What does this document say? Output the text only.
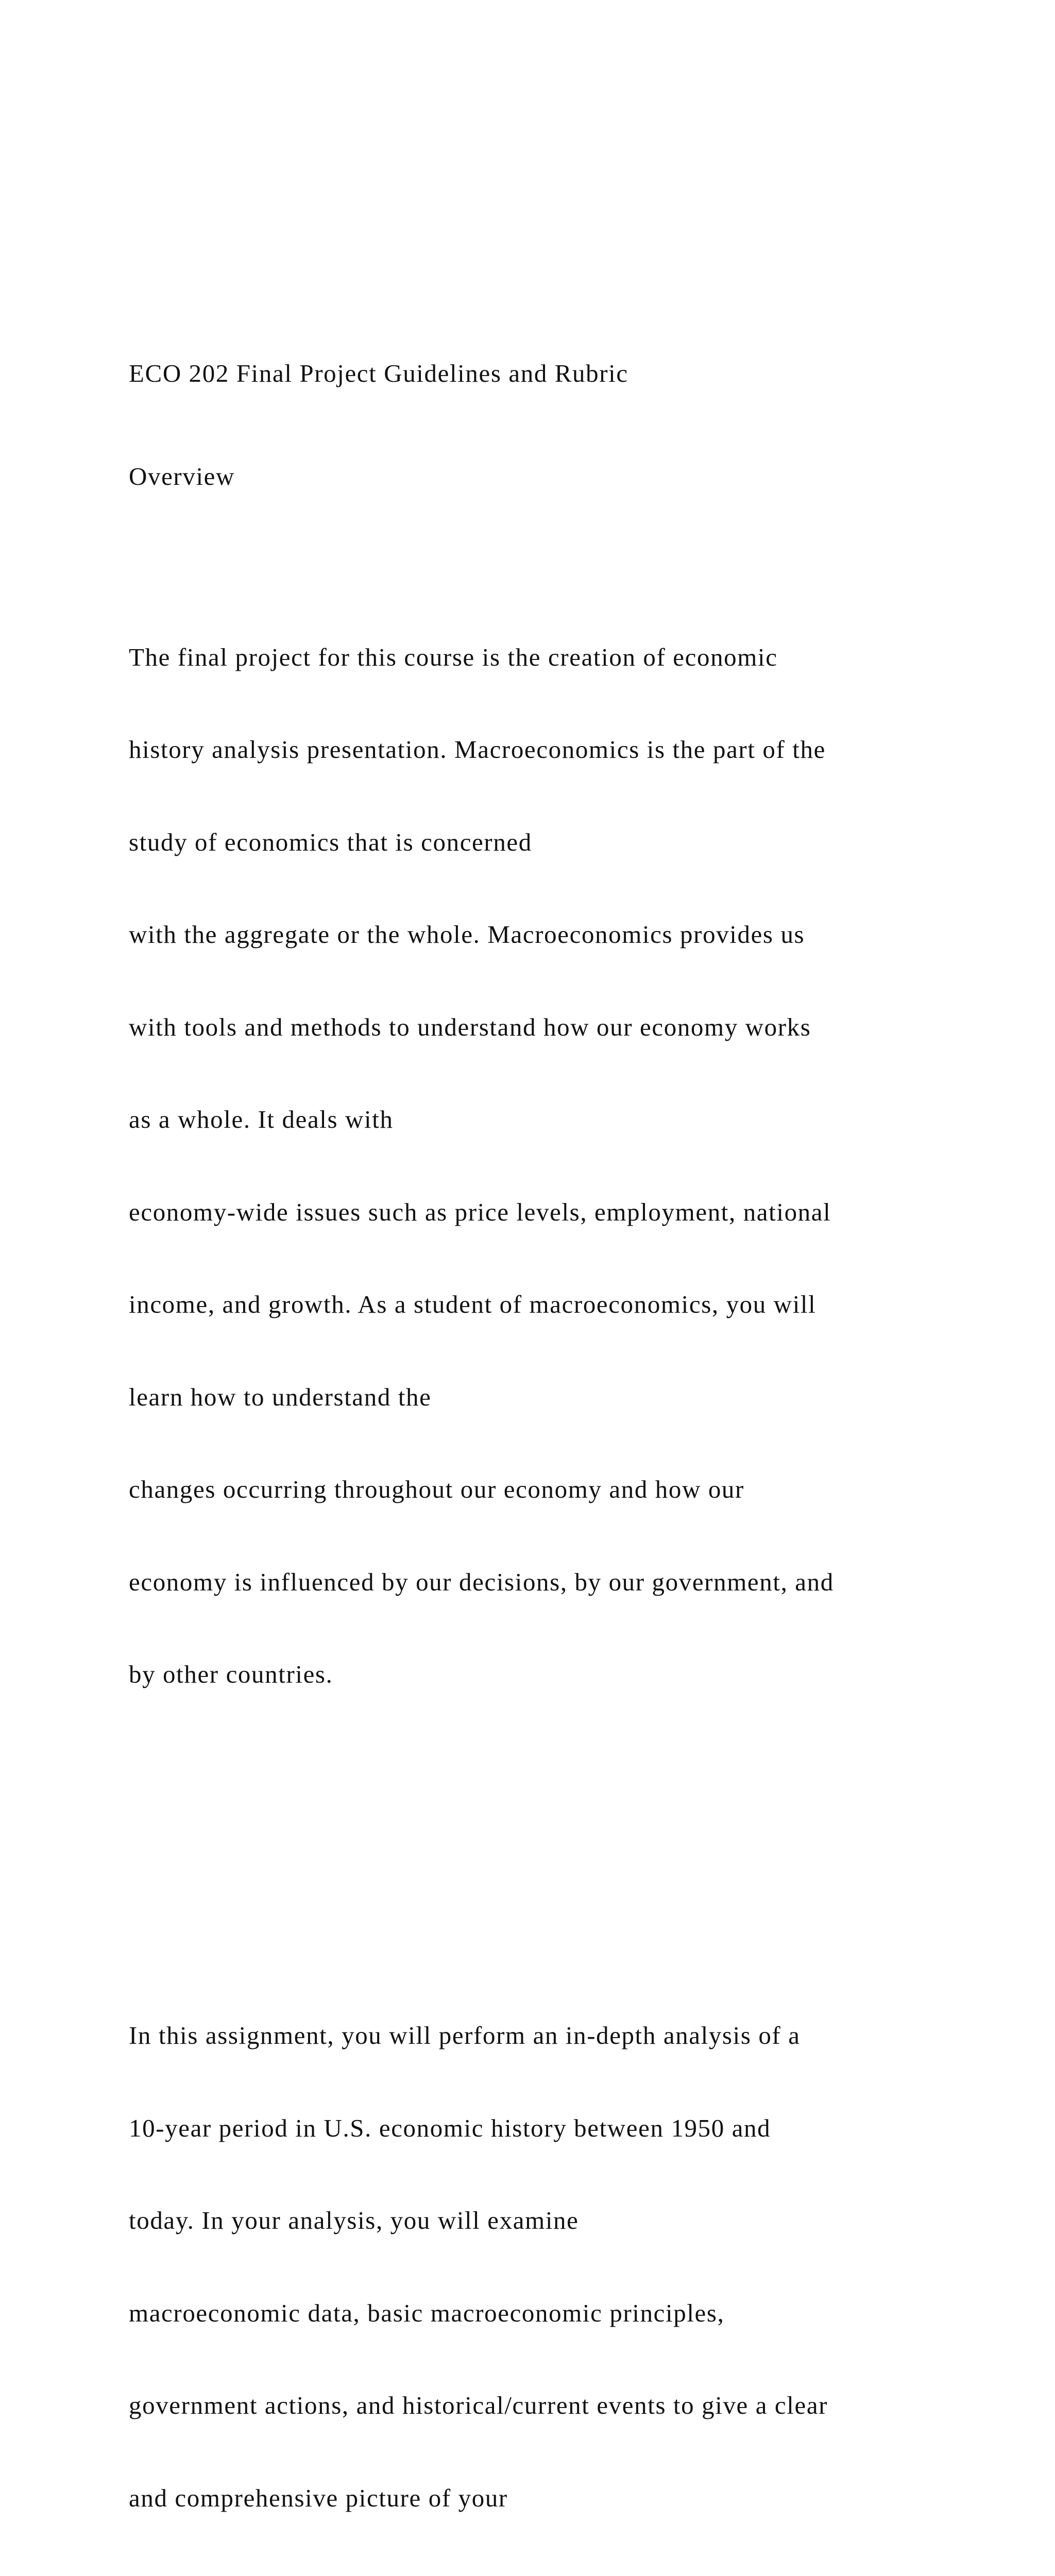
ECO 202 Final Project Guidelines and Rubric

Overview

The final project for this course is the creation of economic

history analysis presentation. Macroeconomics is the part of the

study of economics that is concerned

with the aggregate or the whole. Macroeconomics provides us

with tools and methods to understand how our economy works

as a whole. It deals with

economy-wide issues such as price levels, employment, national

income, and growth. As a student of macroeconomics, you will

learn how to understand the

changes occurring throughout our economy and how our

economy is influenced by our decisions, by our government, and

by other countries.

In this assignment, you will perform an in-depth analysis of a

10-year period in U.S. economic history between 1950 and

today. In your analysis, you will examine

macroeconomic data, basic macroeconomic principles,

government actions, and historical/current events to give a clear

and comprehensive picture of your
